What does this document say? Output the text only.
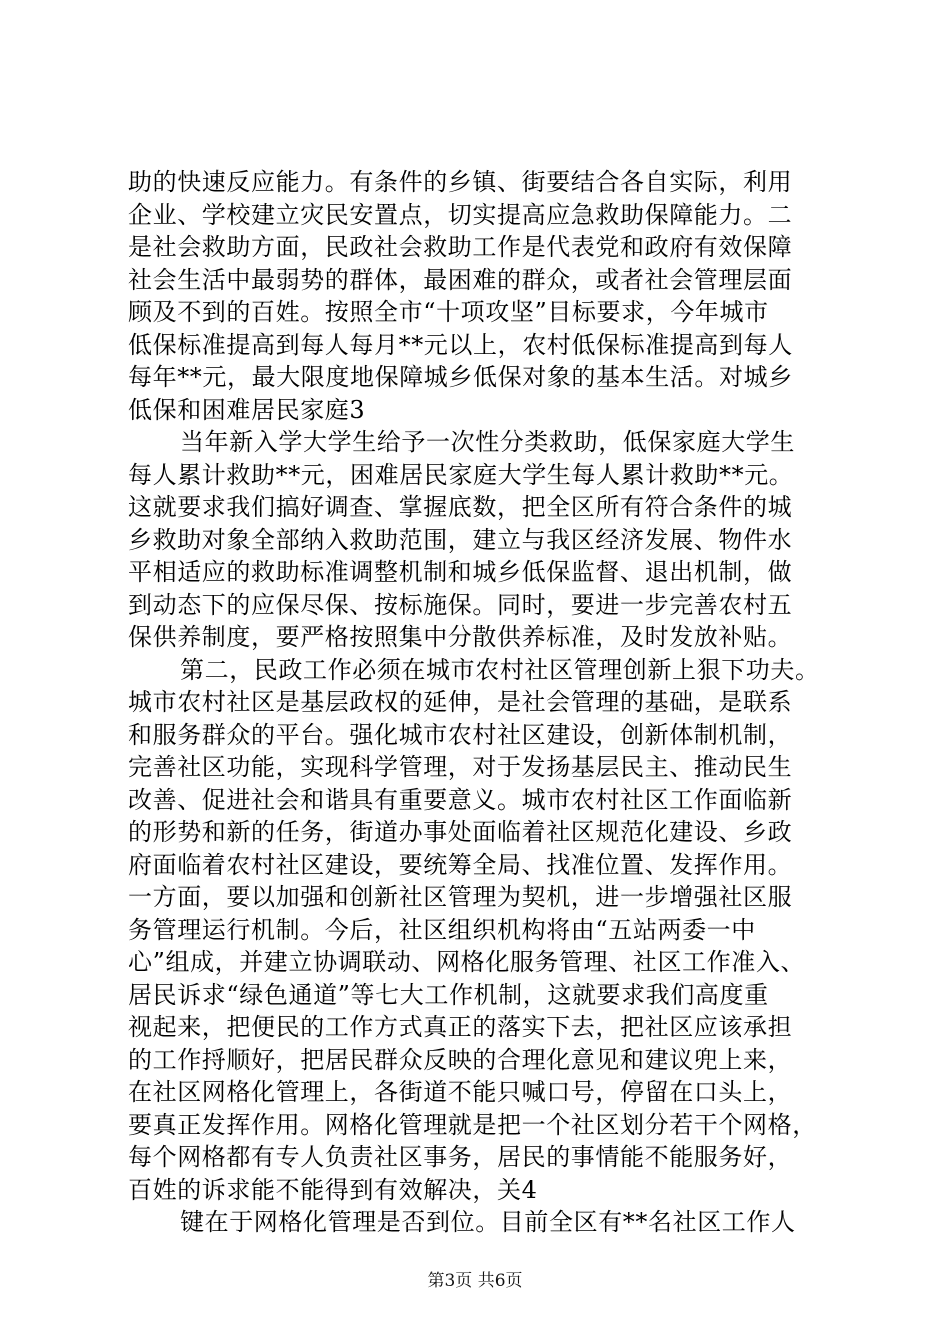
助的快速反应能力。有条件的乡镇、街要结合各自实际，利用
企业、学校建立灾民安置点，切实提高应急救助保障能力。二
是社会救助方面，民政社会救助工作是代表党和政府有效保障
社会生活中最弱势的群体，最困难的群众，或者社会管理层面
顾及不到的百姓。按照全市“十项攻坚”目标要求，今年城市
低保标准提高到每人每月**元以上，农村低保标准提高到每人
每年**元，最大限度地保障城乡低保对象的基本生活。对城乡
低保和困难居民家庭3
当年新入学大学生给予一次性分类救助，低保家庭大学生
每人累计救助**元，困难居民家庭大学生每人累计救助**元。
这就要求我们搞好调查、掌握底数，把全区所有符合条件的城
乡救助对象全部纳入救助范围，建立与我区经济发展、物件水
平相适应的救助标准调整机制和城乡低保监督、退出机制，做
到动态下的应保尽保、按标施保。同时，要进一步完善农村五
保供养制度，要严格按照集中分散供养标准，及时发放补贴。
第二，民政工作必须在城市农村社区管理创新上狠下功夫。
城市农村社区是基层政权的延伸，是社会管理的基础，是联系
和服务群众的平台。强化城市农村社区建设，创新体制机制，
完善社区功能，实现科学管理，对于发扬基层民主、推动民生
改善、促进社会和谐具有重要意义。城市农村社区工作面临新
的形势和新的任务，街道办事处面临着社区规范化建设、乡政
府面临着农村社区建设，要统筹全局、找准位置、发挥作用。
一方面，要以加强和创新社区管理为契机，进一步增强社区服
务管理运行机制。今后，社区组织机构将由“五站两委一中
心”组成，并建立协调联动、网格化服务管理、社区工作准入、
居民诉求“绿色通道”等七大工作机制，这就要求我们高度重
视起来，把便民的工作方式真正的落实下去，把社区应该承担
的工作捋顺好，把居民群众反映的合理化意见和建议兜上来，
在社区网格化管理上，各街道不能只喊口号，停留在口头上，
要真正发挥作用。网格化管理就是把一个社区划分若干个网格，
每个网格都有专人负责社区事务，居民的事情能不能服务好，
百姓的诉求能不能得到有效解决，关4
键在于网格化管理是否到位。目前全区有**名社区工作人
第3页 共6页
